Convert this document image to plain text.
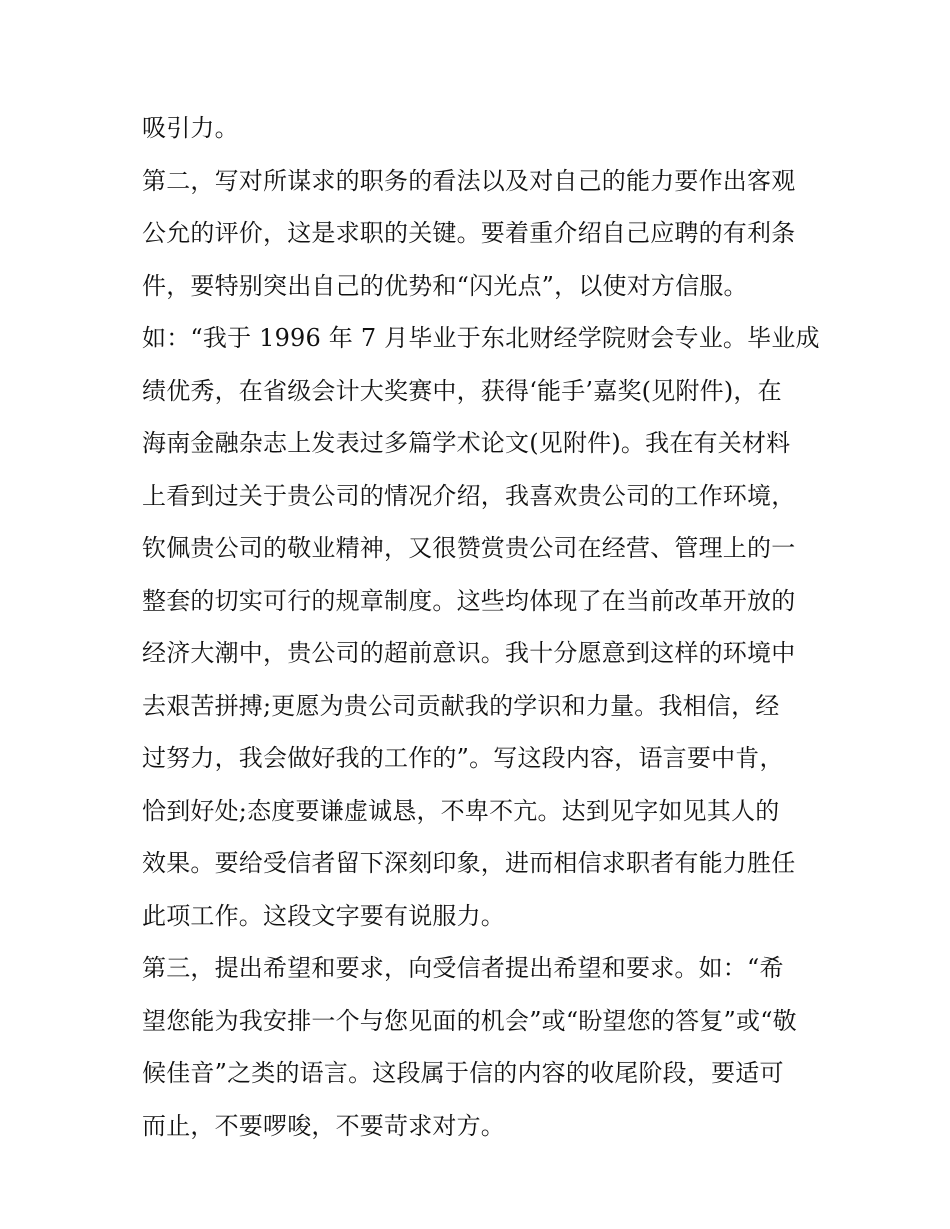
吸引力。
第二，写对所谋求的职务的看法以及对自己的能力要作出客观
公允的评价，这是求职的关键。要着重介绍自己应聘的有利条
件，要特别突出自己的优势和“闪光点”，以使对方信服。
如：“我于 1996 年 7 月毕业于东北财经学院财会专业。毕业成
绩优秀，在省级会计大奖赛中，获得‘能手’嘉奖(见附件)，在
海南金融杂志上发表过多篇学术论文(见附件)。我在有关材料
上看到过关于贵公司的情况介绍，我喜欢贵公司的工作环境，
钦佩贵公司的敬业精神，又很赞赏贵公司在经营、管理上的一
整套的切实可行的规章制度。这些均体现了在当前改革开放的
经济大潮中，贵公司的超前意识。我十分愿意到这样的环境中
去艰苦拼搏;更愿为贵公司贡献我的学识和力量。我相信，经
过努力，我会做好我的工作的”。写这段内容，语言要中肯，
恰到好处;态度要谦虚诚恳，不卑不亢。达到见字如见其人的
效果。要给受信者留下深刻印象，进而相信求职者有能力胜任
此项工作。这段文字要有说服力。
第三，提出希望和要求，向受信者提出希望和要求。如：“希
望您能为我安排一个与您见面的机会”或“盼望您的答复”或“敬
候佳音”之类的语言。这段属于信的内容的收尾阶段，要适可
而止，不要啰唆，不要苛求对方。
